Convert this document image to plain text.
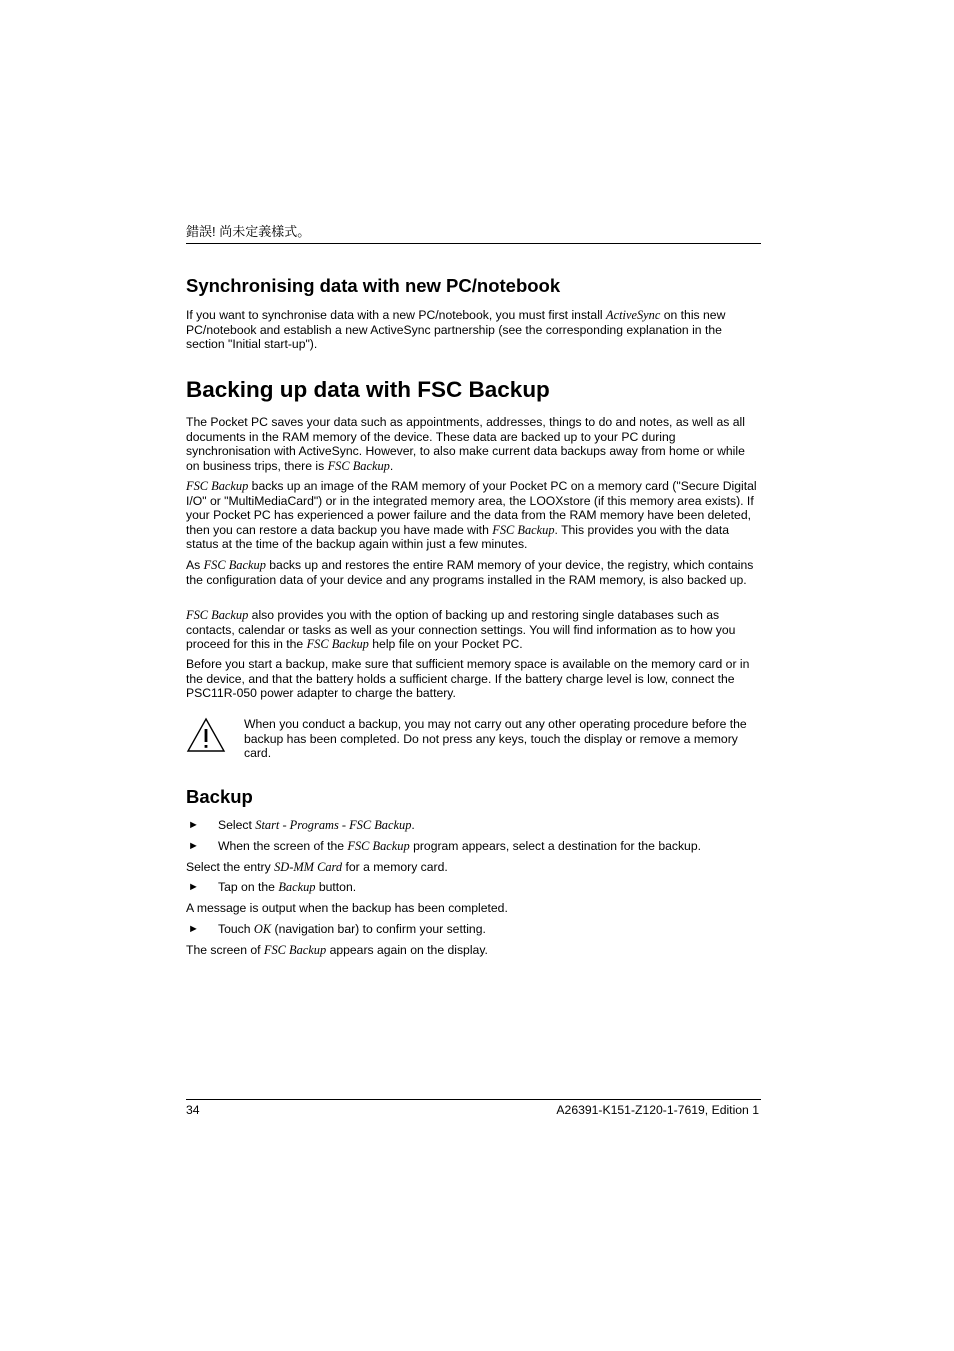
錯誤! 尚未定義樣式。
Synchronising data with new PC/notebook

If you want to synchronise data with a new PC/notebook, you must first install ActiveSync on this new PC/notebook and establish a new ActiveSync partnership (see the corresponding explanation in the section "Initial start-up").

Backing up data with FSC Backup

The Pocket PC saves your data such as appointments, addresses, things to do and notes, as well as all documents in the RAM memory of the device. These data are backed up to your PC during synchronisation with ActiveSync. However, to also make current data backups away from home or while on business trips, there is FSC Backup.

FSC Backup backs up an image of the RAM memory of your Pocket PC on a memory card ("Secure Digital I/O" or "MultiMediaCard") or in the integrated memory area, the LOOXstore (if this memory area exists). If your Pocket PC has experienced a power failure and the data from the RAM memory have been deleted, then you can restore a data backup you have made with FSC Backup. This provides you with the data status at the time of the backup again within just a few minutes.

As FSC Backup backs up and restores the entire RAM memory of your device, the registry, which contains the configuration data of your device and any programs installed in the RAM memory, is also backed up.

FSC Backup also provides you with the option of backing up and restoring single databases such as contacts, calendar or tasks as well as your connection settings. You will find information as to how you proceed for this in the FSC Backup help file on your Pocket PC.

Before you start a backup, make sure that sufficient memory space is available on the memory card or in the device, and that the battery holds a sufficient charge. If the battery charge level is low, connect the PSC11R-050 power adapter to charge the battery.

When you conduct a backup, you may not carry out any other operating procedure before the backup has been completed. Do not press any keys, touch the display or remove a memory card.

Backup
► Select Start - Programs - FSC Backup.
► When the screen of the FSC Backup program appears, select a destination for the backup.

Select the entry SD-MM Card for a memory card.

► Tap on the Backup button.

A message is output when the backup has been completed.

► Touch OK (navigation bar) to confirm your setting.

The screen of FSC Backup appears again on the display.

34	A26391-K151-Z120-1-7619, Edition 1
